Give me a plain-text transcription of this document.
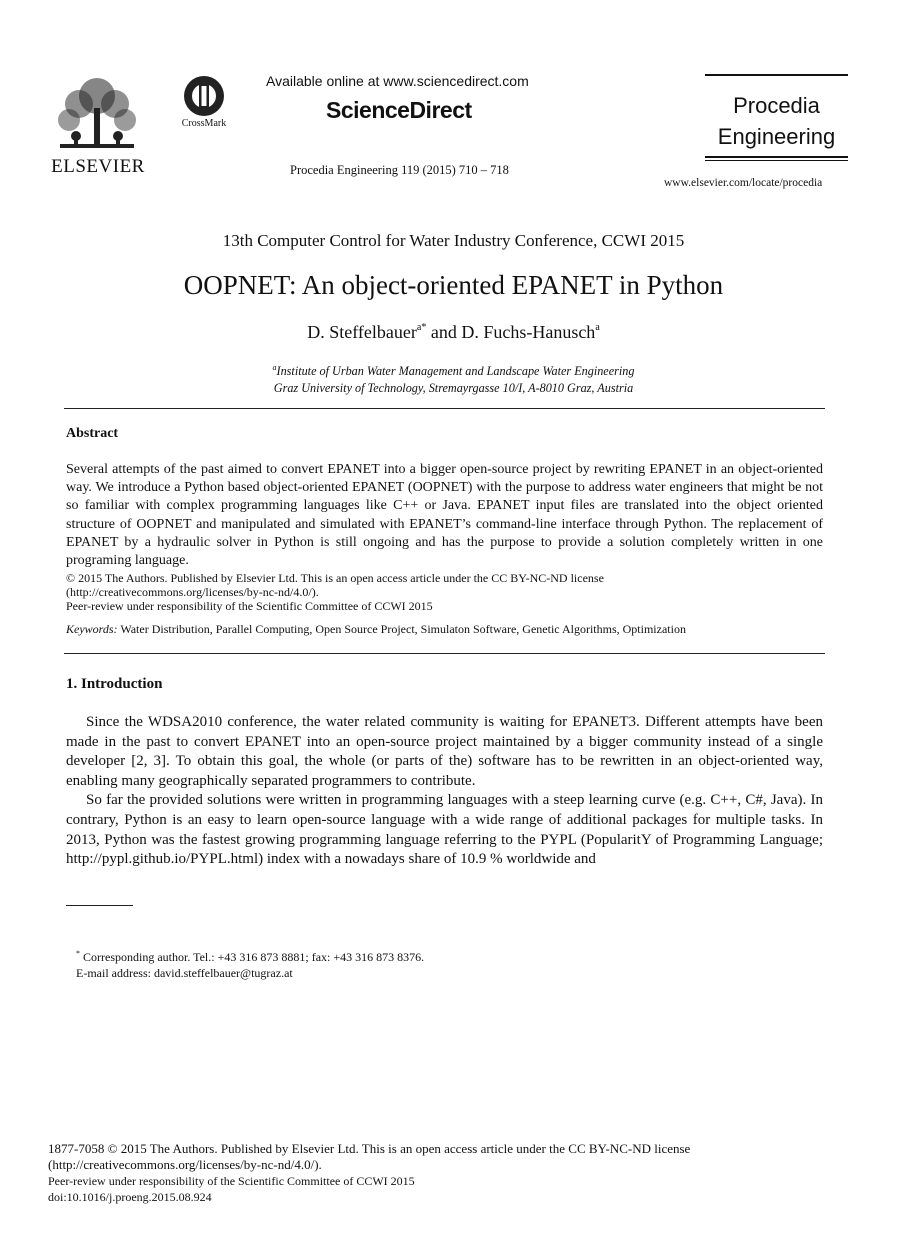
ELSEVIER
CrossMark
Available online at www.sciencedirect.com
ScienceDirect
Procedia Engineering 119 (2015) 710 – 718
Procedia
Engineering
www.elsevier.com/locate/procedia
13th Computer Control for Water Industry Conference, CCWI 2015
OOPNET: An object-oriented EPANET in Python
D. Steffelbauer$^{a*}$ and D. Fuchs-Hanusch$^a$
$^a$Institute of Urban Water Management and Landscape Water Engineering
Graz University of Technology, Stremayrgasse 10/I, A-8010 Graz, Austria
Abstract
Several attempts of the past aimed to convert EPANET into a bigger open-source project by rewriting EPANET in an object-oriented way. We introduce a Python based object-oriented EPANET (OOPNET) with the purpose to address water engineers that might be not so familiar with complex programming languages like C++ or Java. EPANET input files are translated into the object oriented structure of OOPNET and manipulated and simulated with EPANET’s command-line interface through Python. The replacement of EPANET by a hydraulic solver in Python is still ongoing and has the purpose to provide a solution completely written in one programing language.
© 2015 The Authors. Published by Elsevier Ltd. This is an open access article under the CC BY-NC-ND license
(http://creativecommons.org/licenses/by-nc-nd/4.0/).
Peer-review under responsibility of the Scientific Committee of CCWI 2015
Keywords: Water Distribution, Parallel Computing, Open Source Project, Simulaton Software, Genetic Algorithms, Optimization
1. Introduction

Since the WDSA2010 conference, the water related community is waiting for EPANET3. Different attempts have been made in the past to convert EPANET into an open-source project maintained by a bigger community instead of a single developer [2, 3]. To obtain this goal, the whole (or parts of the) software has to be rewritten in an object-oriented way, enabling many geographically separated programmers to contribute.

So far the provided solutions were written in programming languages with a steep learning curve (e.g. C++, C#, Java). In contrary, Python is an easy to learn open-source language with a wide range of additional packages for multiple tasks. In 2013, Python was the fastest growing programming language referring to the PYPL (PopularitY of Programming Language; http://pypl.github.io/PYPL.html) index with a nowadays share of 10.9 % worldwide and

* Corresponding author. Tel.: +43 316 873 8881; fax: +43 316 873 8376.
E-mail address: david.steffelbauer@tugraz.at
1877-7058 © 2015 The Authors. Published by Elsevier Ltd. This is an open access article under the CC BY-NC-ND license
(http://creativecommons.org/licenses/by-nc-nd/4.0/).
Peer-review under responsibility of the Scientific Committee of CCWI 2015
doi:10.1016/j.proeng.2015.08.924
